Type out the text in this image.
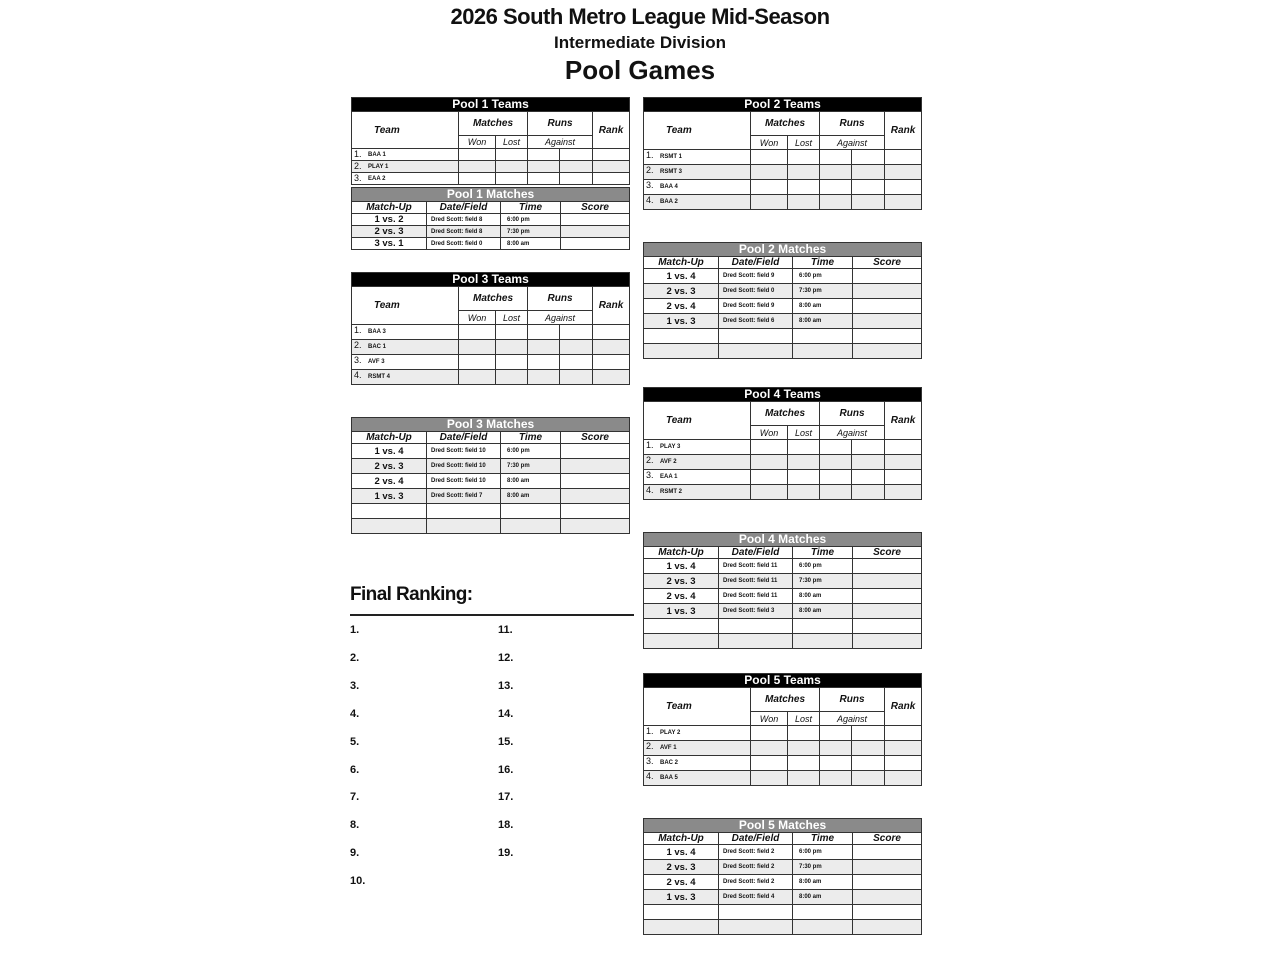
2026 South Metro League Mid-Season
Intermediate Division
Pool Games
Pool 1 Teams					
Team	Matches		Runs		Rank
	Won	Lost	Against		

1. BAA 1					

2. PLAY 1					

3. EAA 2					
Pool 1 Matches			
Match-Up	Date/Field	Time	Score
1 vs. 2	Dred Scott: field 8	6:00 pm	
2 vs. 3	Dred Scott: field 8	7:30 pm	
3 vs. 1	Dred Scott: field 0	8:00 am	
Pool 2 Teams					
Team	Matches		Runs		Rank
	Won	Lost	Against		

1. RSMT 1					

2. RSMT 3					

3. BAA 4					

4. BAA 2					
Pool 2 Matches			
Match-Up	Date/Field	Time	Score
1 vs. 4	Dred Scott: field 9	6:00 pm	
2 vs. 3	Dred Scott: field 0	7:30 pm	
2 vs. 4	Dred Scott: field 9	8:00 am	
1 vs. 3	Dred Scott: field 6	8:00 am	

Pool 3 Teams					
Team	Matches		Runs		Rank
	Won	Lost	Against		

1. BAA 3					

2. BAC 1					

3. AVF 3					

4. RSMT 4					
Pool 3 Matches			
Match-Up	Date/Field	Time	Score
1 vs. 4	Dred Scott: field 10	6:00 pm	
2 vs. 3	Dred Scott: field 10	7:30 pm	
2 vs. 4	Dred Scott: field 10	8:00 am	
1 vs. 3	Dred Scott: field 7	8:00 am	

Pool 4 Teams					
Team	Matches		Runs		Rank
	Won	Lost	Against		

1. PLAY 3					

2. AVF 2					

3. EAA 1					

4. RSMT 2					
Pool 4 Matches			
Match-Up	Date/Field	Time	Score
1 vs. 4	Dred Scott: field 11	6:00 pm	
2 vs. 3	Dred Scott: field 11	7:30 pm	
2 vs. 4	Dred Scott: field 11	8:00 am	
1 vs. 3	Dred Scott: field 3	8:00 am	

Pool 5 Teams					
Team	Matches		Runs		Rank
	Won	Lost	Against		

1. PLAY 2					

2. AVF 1					

3. BAC 2					

4. BAA 5					
Pool 5 Matches			
Match-Up	Date/Field	Time	Score
1 vs. 4	Dred Scott: field 2	6:00 pm	
2 vs. 3	Dred Scott: field 2	7:30 pm	
2 vs. 4	Dred Scott: field 2	8:00 am	
1 vs. 3	Dred Scott: field 4	8:00 am	

Final Ranking:
1.
2.
3.
4.
5.
6.
7.
8.
9.
10.
11.
12.
13.
14.
15.
16.
17.
18.
19.
